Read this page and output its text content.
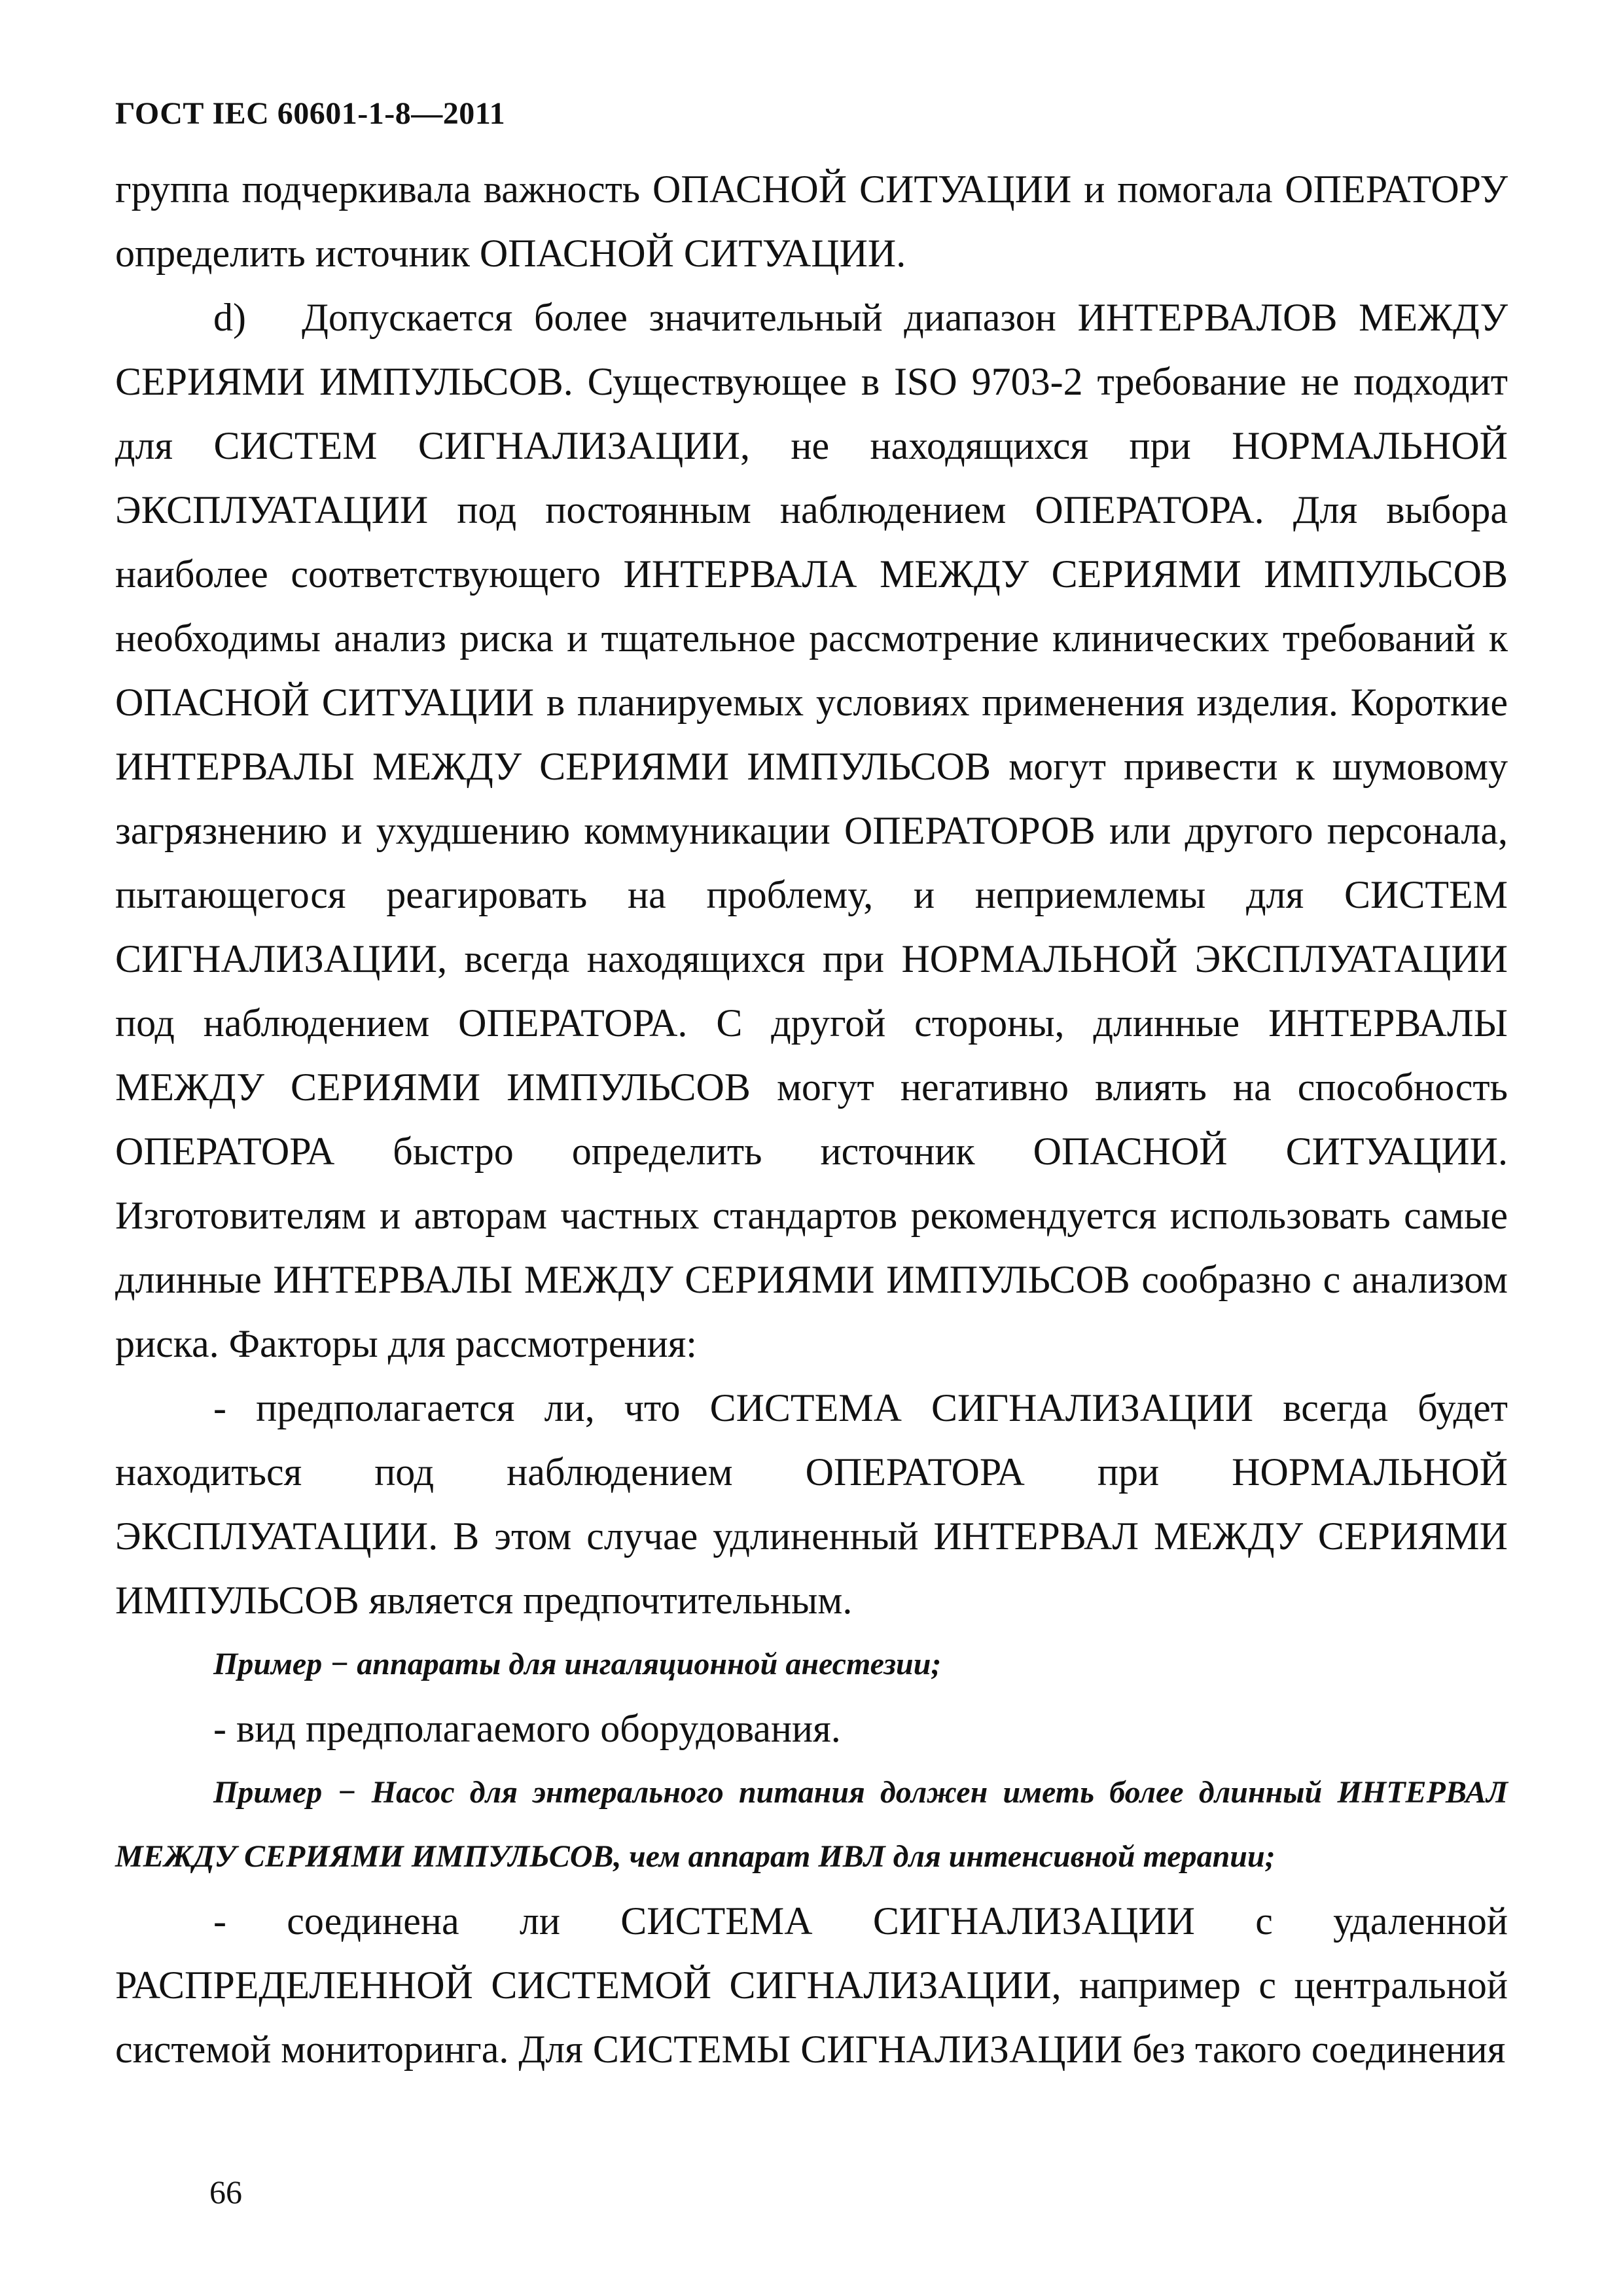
ГОСТ IEC 60601-1-8—2011

группа подчеркивала важность ОПАСНОЙ СИТУАЦИИ и помогала ОПЕРАТОРУ определить источник ОПАСНОЙ СИТУАЦИИ.

d) Допускается более значительный диапазон ИНТЕРВАЛОВ МЕЖДУ СЕРИЯМИ ИМПУЛЬСОВ. Существующее в ISO 9703-2 требование не подходит для СИСТЕМ СИГНАЛИЗАЦИИ, не находящихся при НОРМАЛЬНОЙ ЭКСПЛУАТАЦИИ под постоянным наблюдением ОПЕРАТОРА. Для выбора наиболее соответствующего ИНТЕРВАЛА МЕЖДУ СЕРИЯМИ ИМПУЛЬСОВ необходимы анализ риска и тщательное рассмотрение клинических требований к ОПАСНОЙ СИТУАЦИИ в планируемых условиях применения изделия. Короткие ИНТЕРВАЛЫ МЕЖДУ СЕРИЯМИ ИМПУЛЬСОВ могут привести к шумовому загрязнению и ухудшению коммуникации ОПЕРАТОРОВ или другого персонала, пытающегося реагировать на проблему, и неприемлемы для СИСТЕМ СИГНАЛИЗАЦИИ, всегда находящихся при НОРМАЛЬНОЙ ЭКСПЛУАТАЦИИ под наблюдением ОПЕРАТОРА. С другой стороны, длинные ИНТЕРВАЛЫ МЕЖДУ СЕРИЯМИ ИМПУЛЬСОВ могут негативно влиять на способность ОПЕРАТОРА быстро определить источник ОПАСНОЙ СИТУАЦИИ. Изготовителям и авторам частных стандартов рекомендуется использовать самые длинные ИНТЕРВАЛЫ МЕЖДУ СЕРИЯМИ ИМПУЛЬСОВ сообразно с анализом риска. Факторы для рассмотрения:

- предполагается ли, что СИСТЕМА СИГНАЛИЗАЦИИ всегда будет находиться под наблюдением ОПЕРАТОРА при НОРМАЛЬНОЙ ЭКСПЛУАТАЦИИ. В этом случае удлиненный ИНТЕРВАЛ МЕЖДУ СЕРИЯМИ ИМПУЛЬСОВ является предпочтительным.

Пример − аппараты для ингаляционной анестезии;

- вид предполагаемого оборудования.

Пример − Насос для энтерального питания должен иметь более длинный ИНТЕРВАЛ МЕЖДУ СЕРИЯМИ ИМПУЛЬСОВ, чем аппарат ИВЛ для интенсивной терапии;

- соединена ли СИСТЕМА СИГНАЛИЗАЦИИ с удаленной РАСПРЕДЕЛЕННОЙ СИСТЕМОЙ СИГНАЛИЗАЦИИ, например с центральной системой мониторинга. Для СИСТЕМЫ СИГНАЛИЗАЦИИ без такого соединения

66
